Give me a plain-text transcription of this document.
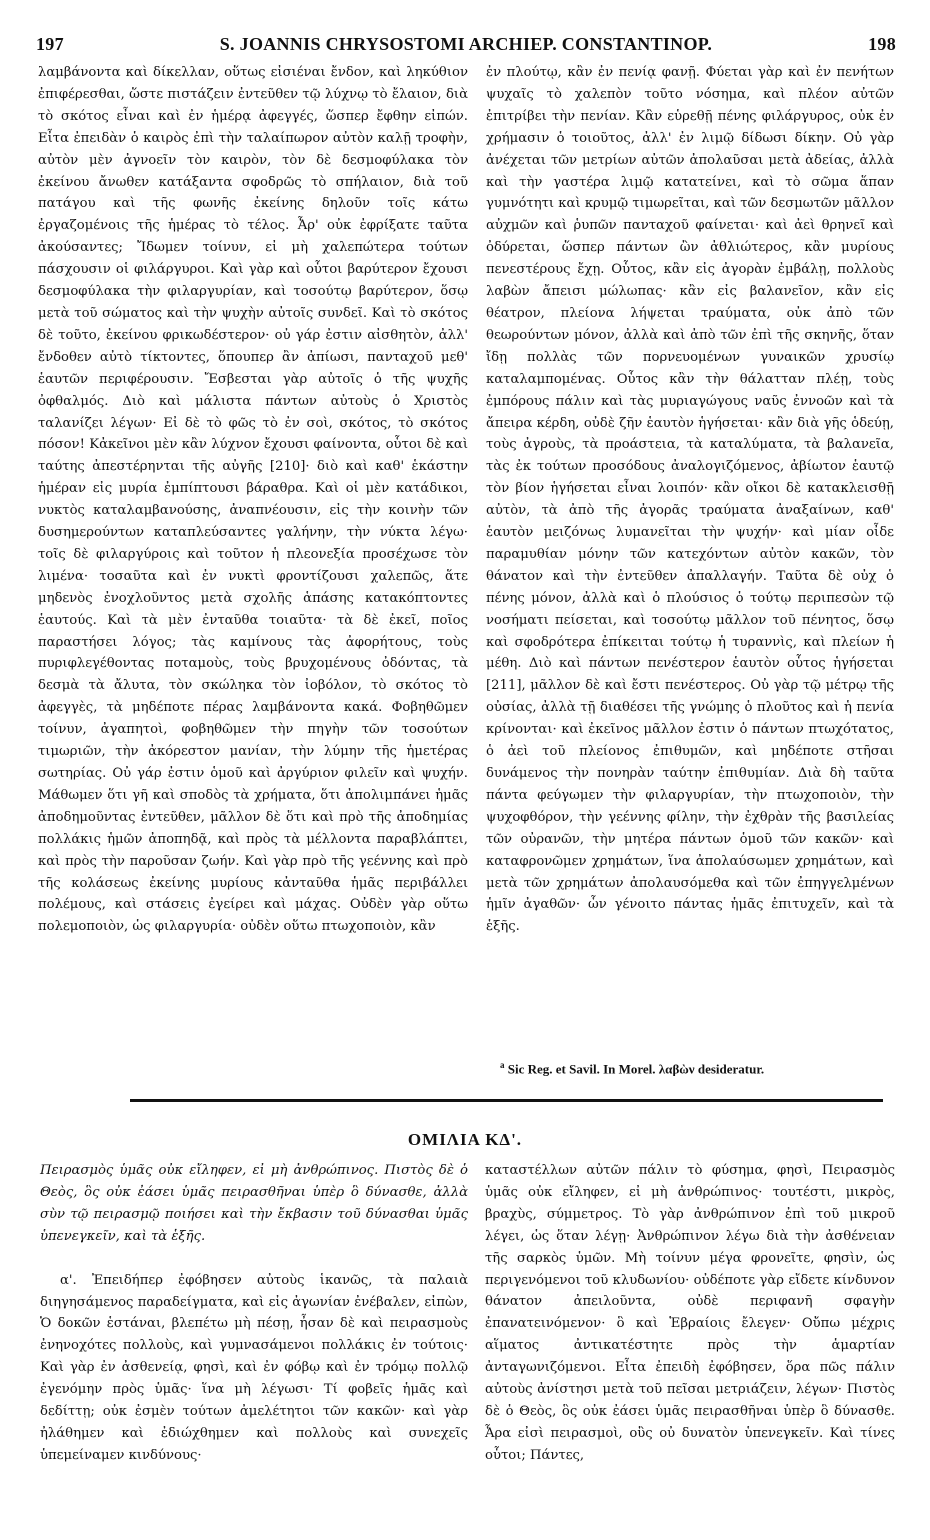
197	S. JOANNIS CHRYSOSTOMI ARCHIEP. CONSTANTINOP.	198

λαμβάνοντα καὶ δίκελλαν, οὕτως εἰσιέναι ἔνδον, καὶ ληκύθιον ἐπιφέρεσθαι, ὥστε πιστάζειν ἐντεῦθεν τῷ λύχνῳ τὸ ἔλαιον, διὰ τὸ σκότος εἶναι καὶ ἐν ἡμέρᾳ ἀφεγγές, ὥσπερ ἔφθην εἰπών. Εἶτα ἐπειδὰν ὁ καιρὸς ἐπὶ τὴν ταλαίπωρον αὐτὸν καλῇ τροφὴν, αὐτὸν μὲν ἀγνοεῖν τὸν καιρὸν, τὸν δὲ δεσμοφύλακα τὸν ἐκείνου ἄνωθεν κατάξαντα σφοδρῶς τὸ σπήλαιον, διὰ τοῦ πατάγου καὶ τῆς φωνῆς ἐκείνης δηλοῦν τοῖς κάτω ἐργαζομένοις τῆς ἡμέρας τὸ τέλος. Ἆρ' οὐκ ἐφρίξατε ταῦτα ἀκούσαντες; Ἴδωμεν τοίνυν, εἰ μὴ χαλεπώτερα τούτων πάσχουσιν οἱ φιλάργυροι. Καὶ γὰρ καὶ οὗτοι βαρύτερον ἔχουσι δεσμοφύλακα τὴν φιλαργυρίαν, καὶ τοσούτῳ βαρύτερον, ὅσῳ μετὰ τοῦ σώματος καὶ τὴν ψυχὴν αὐτοῖς συνδεῖ. Καὶ τὸ σκότος δὲ τοῦτο, ἐκείνου φρικωδέστερον· οὐ γάρ ἐστιν αἰσθητὸν, ἀλλ' ἔνδοθεν αὐτὸ τίκτοντες, ὅπουπερ ἂν ἀπίωσι, πανταχοῦ μεθ' ἑαυτῶν περιφέρουσιν. Ἔσβεσται γὰρ αὐτοῖς ὁ τῆς ψυχῆς ὀφθαλμός. Διὸ καὶ μάλιστα πάντων αὐτοὺς ὁ Χριστὸς ταλανίζει λέγων· Εἰ δὲ τὸ φῶς τὸ ἐν σοὶ, σκότος, τὸ σκότος πόσον! Κἀκεῖνοι μὲν κἂν λύχνον ἔχουσι φαίνοντα, οὗτοι δὲ καὶ ταύτης ἀπεστέρηνται τῆς αὐγῆς [210]· διὸ καὶ καθ' ἑκάστην ἡμέραν εἰς μυρία ἐμπίπτουσι βάραθρα. Καὶ οἱ μὲν κατάδικοι, νυκτὸς καταλαμβανούσης, ἀναπνέουσιν, εἰς τὴν κοινὴν τῶν δυσημερούντων καταπλεύσαντες γαλήνην, τὴν νύκτα λέγω· τοῖς δὲ φιλαργύροις καὶ τοῦτον ἡ πλεονεξία προσέχωσε τὸν λιμένα· τοσαῦτα καὶ ἐν νυκτὶ φροντίζουσι χαλεπῶς, ἅτε μηδενὸς ἐνοχλοῦντος μετὰ σχολῆς ἁπάσης κατακόπτοντες ἑαυτούς. Καὶ τὰ μὲν ἐνταῦθα τοιαῦτα· τὰ δὲ ἐκεῖ, ποῖος παραστήσει λόγος; τὰς καμίνους τὰς ἀφορήτους, τοὺς πυριφλεγέθοντας ποταμοὺς, τοὺς βρυχομένους ὀδόντας, τὰ δεσμὰ τὰ ἄλυτα, τὸν σκώληκα τὸν ἰοβόλον, τὸ σκότος τὸ ἀφεγγὲς, τὰ μηδέποτε πέρας λαμβάνοντα κακά. Φοβηθῶμεν τοίνυν, ἀγαπητοὶ, φοβηθῶμεν τὴν πηγὴν τῶν τοσούτων τιμωριῶν, τὴν ἀκόρεστον μανίαν, τὴν λύμην τῆς ἡμετέρας σωτηρίας. Οὐ γάρ ἐστιν ὁμοῦ καὶ ἀργύριον φιλεῖν καὶ ψυχήν. Μάθωμεν ὅτι γῆ καὶ σποδὸς τὰ χρήματα, ὅτι ἀπολιμπάνει ἡμᾶς ἀποδημοῦντας ἐντεῦθεν, μᾶλλον δὲ ὅτι καὶ πρὸ τῆς ἀποδημίας πολλάκις ἡμῶν ἀποπηδᾷ, καὶ πρὸς τὰ μέλλοντα παραβλάπτει, καὶ πρὸς τὴν παροῦσαν ζωήν. Καὶ γὰρ πρὸ τῆς γεέννης καὶ πρὸ τῆς κολάσεως ἐκείνης μυρίους κἀνταῦθα ἡμᾶς περιβάλλει πολέμους, καὶ στάσεις ἐγείρει καὶ μάχας. Οὐδὲν γὰρ οὕτω πολεμοποιὸν, ὡς φιλαργυρία· οὐδὲν οὕτω πτωχοποιὸν, κἂν

ἐν πλούτῳ, κἂν ἐν πενίᾳ φανῇ. Φύεται γὰρ καὶ ἐν πενήτων ψυχαῖς τὸ χαλεπὸν τοῦτο νόσημα, καὶ πλέον αὐτῶν ἐπιτρίβει τὴν πενίαν. Κἂν εὑρεθῇ πένης φιλάργυρος, οὐκ ἐν χρήμασιν ὁ τοιοῦτος, ἀλλ' ἐν λιμῷ δίδωσι δίκην. Οὐ γὰρ ἀνέχεται τῶν μετρίων αὐτῶν ἀπολαῦσαι μετὰ ἀδείας, ἀλλὰ καὶ τὴν γαστέρα λιμῷ κατατείνει, καὶ τὸ σῶμα ἅπαν γυμνότητι καὶ κρυμῷ τιμωρεῖται, καὶ τῶν δεσμωτῶν μᾶλλον αὐχμῶν καὶ ῥυπῶν πανταχοῦ φαίνεται· καὶ ἀεὶ θρηνεῖ καὶ ὀδύρεται, ὥσπερ πάντων ὢν ἀθλιώτερος, κἂν μυρίους πενεστέρους ἔχῃ. Οὗτος, κἂν εἰς ἀγορὰν ἐμβάλῃ, πολλοὺς λαβὼν ἄπεισι μώλωπας· κἂν εἰς βαλανεῖον, κἂν εἰς θέατρον, πλείονα λήψεται τραύματα, οὐκ ἀπὸ τῶν θεωρούντων μόνον, ἀλλὰ καὶ ἀπὸ τῶν ἐπὶ τῆς σκηνῆς, ὅταν ἴδῃ πολλὰς τῶν πορνευομένων γυναικῶν χρυσίῳ καταλαμπομένας. Οὗτος κἂν τὴν θάλατταν πλέῃ, τοὺς ἐμπόρους πάλιν καὶ τὰς μυριαγώγους ναῦς ἐννοῶν καὶ τὰ ἄπειρα κέρδη, οὐδὲ ζῆν ἑαυτὸν ἡγήσεται· κἂν διὰ γῆς ὁδεύῃ, τοὺς ἀγροὺς, τὰ προάστεια, τὰ καταλύματα, τὰ βαλανεῖα, τὰς ἐκ τούτων προσόδους ἀναλογιζόμενος, ἀβίωτον ἑαυτῷ τὸν βίον ἡγήσεται εἶναι λοιπόν· κἂν οἴκοι δὲ κατακλεισθῇ αὐτὸν, τὰ ἀπὸ τῆς ἀγορᾶς τραύματα ἀναξαίνων, καθ' ἑαυτὸν μειζόνως λυμανεῖται τὴν ψυχήν· καὶ μίαν οἶδε παραμυθίαν μόνην τῶν κατεχόντων αὐτὸν κακῶν, τὸν θάνατον καὶ τὴν ἐντεῦθεν ἀπαλλαγήν. Ταῦτα δὲ οὐχ ὁ πένης μόνον, ἀλλὰ καὶ ὁ πλούσιος ὁ τούτῳ περιπεσὼν τῷ νοσήματι πείσεται, καὶ τοσούτῳ μᾶλλον τοῦ πένητος, ὅσῳ καὶ σφοδρότερα ἐπίκειται τούτῳ ἡ τυραννὶς, καὶ πλείων ἡ μέθη. Διὸ καὶ πάντων πενέστερον ἑαυτὸν οὗτος ἡγήσεται [211], μᾶλλον δὲ καὶ ἔστι πενέστερος. Οὐ γὰρ τῷ μέτρῳ τῆς οὐσίας, ἀλλὰ τῇ διαθέσει τῆς γνώμης ὁ πλοῦτος καὶ ἡ πενία κρίνονται· καὶ ἐκεῖνος μᾶλλον ἐστιν ὁ πάντων πτωχότατος, ὁ ἀεὶ τοῦ πλείονος ἐπιθυμῶν, καὶ μηδέποτε στῆσαι δυνάμενος τὴν πονηρὰν ταύτην ἐπιθυμίαν. Διὰ δὴ ταῦτα πάντα φεύγωμεν τὴν φιλαργυρίαν, τὴν πτωχοποιὸν, τὴν ψυχοφθόρον, τὴν γεέννης φίλην, τὴν ἐχθρὰν τῆς βασιλείας τῶν οὐρανῶν, τὴν μητέρα πάντων ὁμοῦ τῶν κακῶν· καὶ καταφρονῶμεν χρημάτων, ἵνα ἀπολαύσωμεν χρημάτων, καὶ μετὰ τῶν χρημάτων ἀπολαυσόμεθα καὶ τῶν ἐπηγγελμένων ἡμῖν ἀγαθῶν· ὧν γένοιτο πάντας ἡμᾶς ἐπιτυχεῖν, καὶ τὰ ἑξῆς.

$^a$ Sic Reg. et Savil. In Morel. λαβὼν desideratur.
ΟΜΙΛΙΑ ΚΔ'.

Πειρασμὸς ὑμᾶς οὐκ εἴληφεν, εἰ μὴ ἀνθρώπινος. Πιστὸς δὲ ὁ Θεὸς, ὃς οὐκ ἐάσει ὑμᾶς πειρασθῆναι ὑπὲρ ὃ δύνασθε, ἀλλὰ σὺν τῷ πειρασμῷ ποιήσει καὶ τὴν ἔκβασιν τοῦ δύνασθαι ὑμᾶς ὑπενεγκεῖν, καὶ τὰ ἑξῆς.

α'. Ἐπειδήπερ ἐφόβησεν αὐτοὺς ἱκανῶς, τὰ παλαιὰ διηγησάμενος παραδείγματα, καὶ εἰς ἀγωνίαν ἐνέβαλεν, εἰπὼν, Ὁ δοκῶν ἑστάναι, βλεπέτω μὴ πέσῃ, ἦσαν δὲ καὶ πειρασμοὺς ἐνηνοχότες πολλοὺς, καὶ γυμνασάμενοι πολλάκις ἐν τούτοις· Καὶ γὰρ ἐν ἀσθενείᾳ, φησὶ, καὶ ἐν φόβῳ καὶ ἐν τρόμῳ πολλῷ ἐγενόμην πρὸς ὑμᾶς· ἵνα μὴ λέγωσι· Τί φοβεῖς ἡμᾶς καὶ δεδίττῃ; οὐκ ἐσμὲν τούτων ἀμελέτητοι τῶν κακῶν· καὶ γὰρ ἠλάθημεν καὶ ἐδιώχθημεν καὶ πολλοὺς καὶ συνεχεῖς ὑπεμείναμεν κινδύνους·

καταστέλλων αὐτῶν πάλιν τὸ φύσημα, φησὶ, Πειρασμὸς ὑμᾶς οὐκ εἴληφεν, εἰ μὴ ἀνθρώπινος· τουτέστι, μικρὸς, βραχὺς, σύμμετρος. Τὸ γὰρ ἀνθρώπινον ἐπὶ τοῦ μικροῦ λέγει, ὡς ὅταν λέγῃ· Ἀνθρώπινον λέγω διὰ τὴν ἀσθένειαν τῆς σαρκὸς ὑμῶν. Μὴ τοίνυν μέγα φρονεῖτε, φησὶν, ὡς περιγενόμενοι τοῦ κλυδωνίου· οὐδέποτε γὰρ εἴδετε κίνδυνον θάνατον ἀπειλοῦντα, οὐδὲ περιφανῆ σφαγὴν ἐπανατεινόμενον· ὃ καὶ Ἑβραίοις ἔλεγεν· Οὔπω μέχρις αἵματος ἀντικατέστητε πρὸς τὴν ἁμαρτίαν ἀνταγωνιζόμενοι. Εἶτα ἐπειδὴ ἐφόβησεν, ὅρα πῶς πάλιν αὐτοὺς ἀνίστησι μετὰ τοῦ πεῖσαι μετριάζειν, λέγων· Πιστὸς δὲ ὁ Θεὸς, ὃς οὐκ ἐάσει ὑμᾶς πειρασθῆναι ὑπὲρ ὃ δύνασθε. Ἆρα εἰσὶ πειρασμοὶ, οὓς οὐ δυνατὸν ὑπενεγκεῖν. Καὶ τίνες οὗτοι; Πάντες,
